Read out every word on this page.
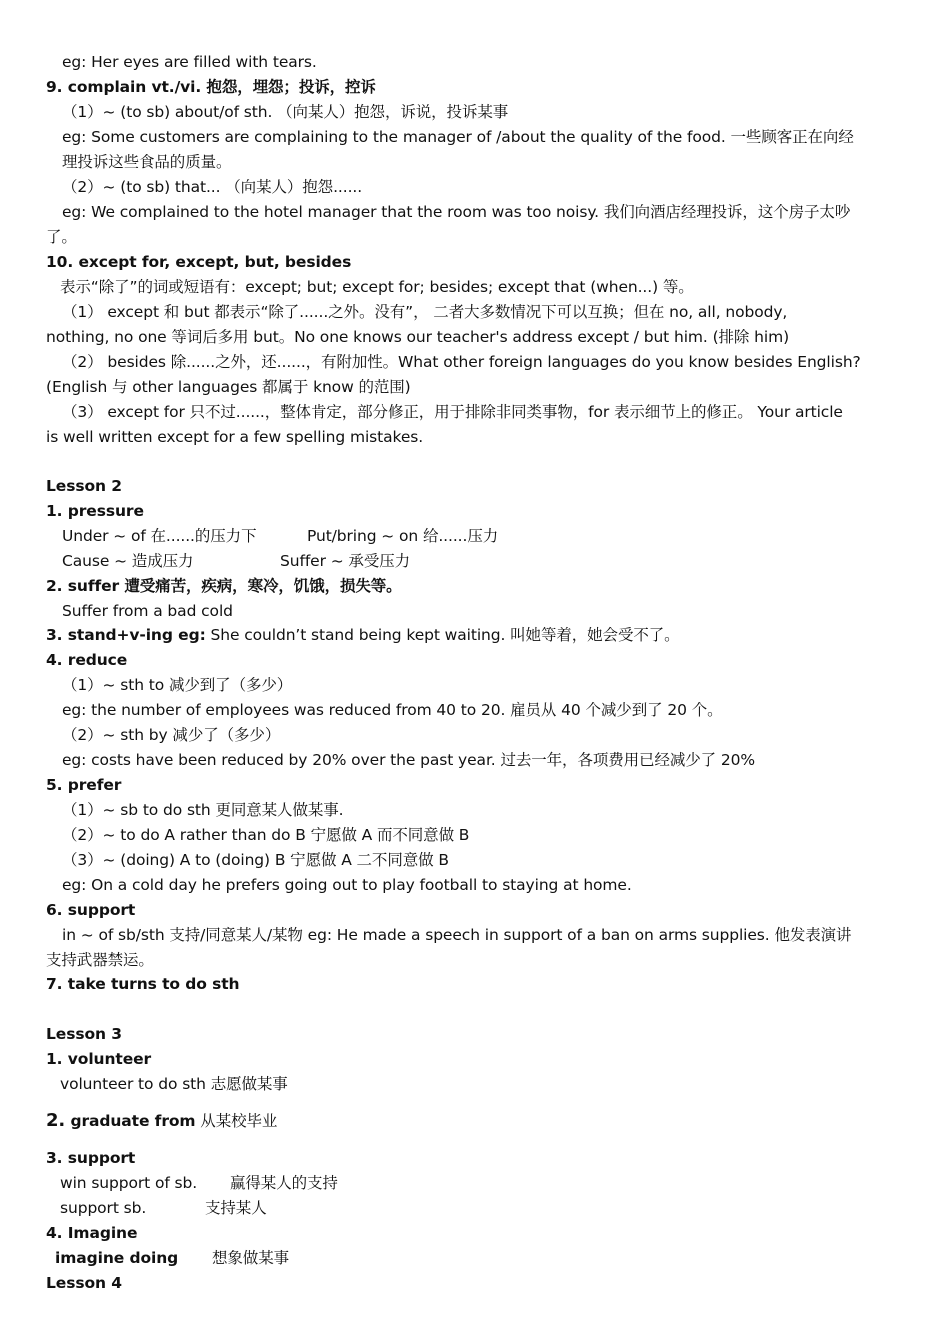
eg: Her eyes are filled with tears.
9. complain vt./vi. 抱怨，埋怨；投诉，控诉
（1）~ (to sb) about/of sth. （向某人）抱怨，诉说，投诉某事
eg: Some customers are complaining to the manager of /about the quality of the food. 一些顾客正在向经
理投诉这些食品的质量。
（2）~ (to sb) that... （向某人）抱怨......
eg: We complained to the hotel manager that the room was too noisy. 我们向酒店经理投诉，这个房子太吵
了。
10. except for, except, but, besides
表示“除了”的词或短语有：except; but; except for; besides; except that (when...) 等。
（1） except 和 but 都表示“除了......之外。没有”， 二者大多数情况下可以互换；但在 no, all, nobody,
nothing, no one 等词后多用 but。No one knows our teacher's address except / but him. (排除 him)
（2） besides 除......之外，还......，有附加性。What other foreign languages do you know besides English?
(English 与 other languages 都属于 know 的范围)
（3） except for 只不过......，整体肯定，部分修正，用于排除非同类事物，for 表示细节上的修正。 Your article
is well written except for a few spelling mistakes.
Lesson 2
1. pressure
Under ~ of 在......的压力下	Put/bring ~ on 给......压力
Cause ~ 造成压力	Suffer ~ 承受压力
2. suffer 遭受痛苦，疾病，寒冷，饥饿，损失等。
Suffer from a bad cold
3. stand+v-ing eg: She couldn’t stand being kept waiting. 叫她等着，她会受不了。
4. reduce
（1）~ sth to 减少到了（多少）
eg: the number of employees was reduced from 40 to 20. 雇员从 40 个减少到了 20 个。
（2）~ sth by 减少了（多少）
eg: costs have been reduced by 20% over the past year. 过去一年，各项费用已经减少了 20%
5. prefer
（1）~ sb to do sth 更同意某人做某事.
（2）~ to do A rather than do B 宁愿做 A 而不同意做 B
（3）~ (doing) A to (doing) B 宁愿做 A 二不同意做 B
eg: On a cold day he prefers going out to play football to staying at home.
6. support
in ~ of sb/sth 支持/同意某人/某物 eg: He made a speech in support of a ban on arms supplies. 他发表演讲
支持武器禁运。
7. take turns to do sth
Lesson 3
1. volunteer
volunteer to do sth 志愿做某事
2. graduate from 从某校毕业
3. support
win support of sb. 赢得某人的支持
support sb.	支持某人
4. Imagine
imagine doing 想象做某事
Lesson 4
